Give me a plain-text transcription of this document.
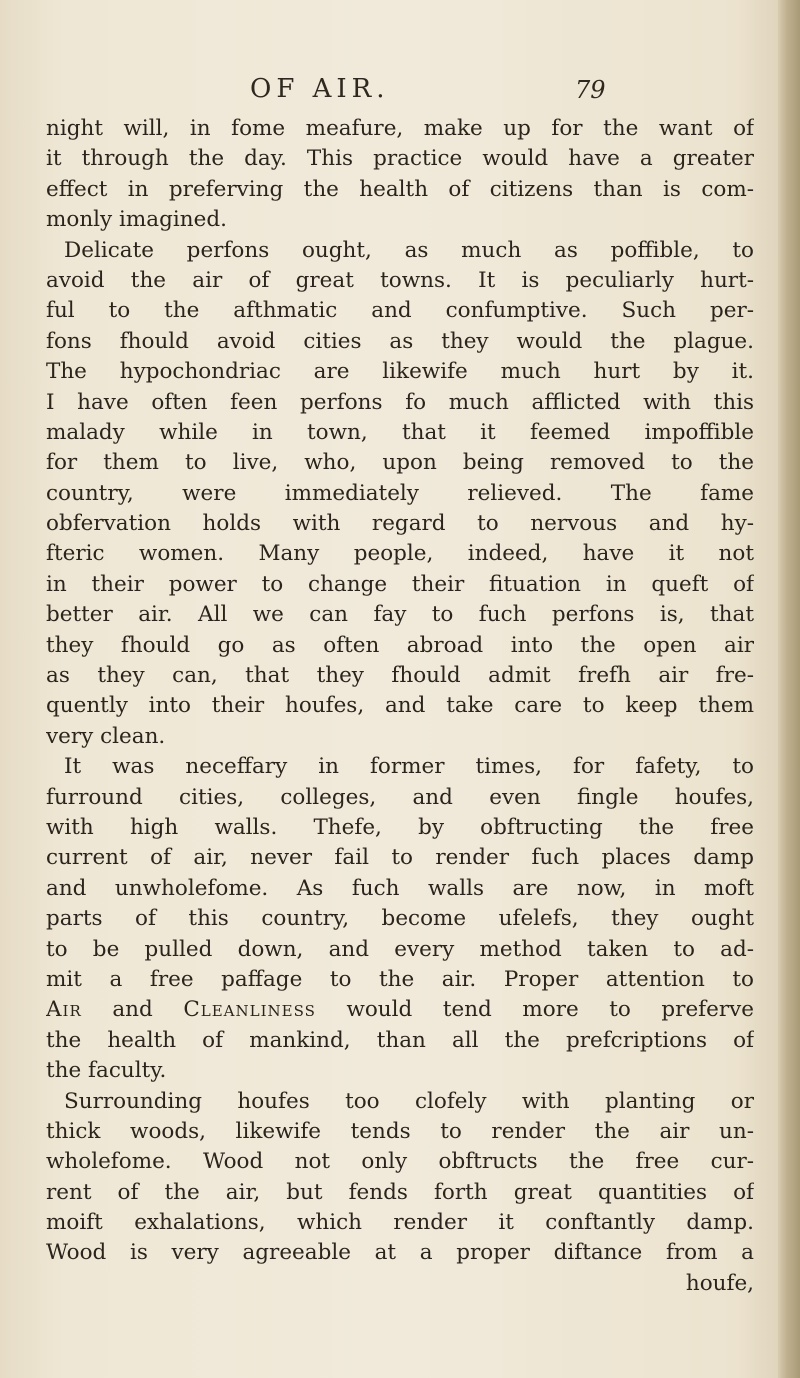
OF AIR.	79
night will, in fome meafure, make up for the want of
it through the day. This practice would have a greater
effect in preferving the health of citizens than is com-
monly imagined.
Delicate perfons ought, as much as poffible, to
avoid the air of great towns. It is peculiarly hurt-
ful to the afthmatic and confumptive. Such per-
fons fhould avoid cities as they would the plague.
The hypochondriac are likewife much hurt by it.
I have often feen perfons fo much afflicted with this
malady while in town, that it feemed impoffible
for them to live, who, upon being removed to the
country, were immediately relieved. The fame
obfervation holds with regard to nervous and hy-
fteric women. Many people, indeed, have it not
in their power to change their fituation in queft of
better air. All we can fay to fuch perfons is, that
they fhould go as often abroad into the open air
as they can, that they fhould admit frefh air fre-
quently into their houfes, and take care to keep them
very clean.
It was neceffary in former times, for fafety, to
furround cities, colleges, and even fingle houfes,
with high walls. Thefe, by obftructing the free
current of air, never fail to render fuch places damp
and unwholefome. As fuch walls are now, in moft
parts of this country, become ufelefs, they ought
to be pulled down, and every method taken to ad-
mit a free paffage to the air. Proper attention to
Air and Cleanliness would tend more to preferve
the health of mankind, than all the prefcriptions of
the faculty.
Surrounding houfes too clofely with planting or
thick woods, likewife tends to render the air un-
wholefome. Wood not only obftructs the free cur-
rent of the air, but fends forth great quantities of
moift exhalations, which render it conftantly damp.
Wood is very agreeable at a proper diftance from a
houfe,
